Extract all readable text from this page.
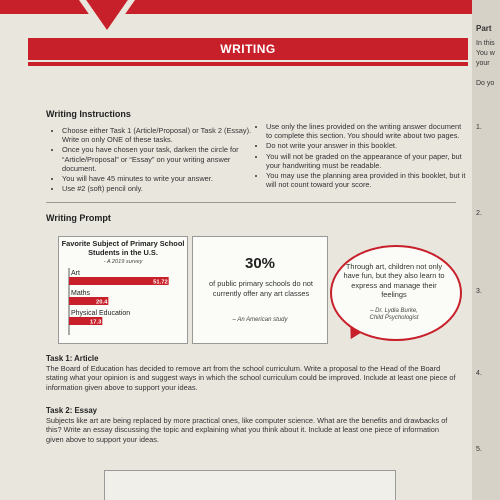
WRITING
Writing Instructions
• Choose either Task 1 (Article/Proposal) or Task 2 (Essay). Write on only ONE of these tasks.
• Once you have chosen your task, darken the circle for “Article/Proposal” or “Essay” on your writing answer document.
• You will have 45 minutes to write your answer.
• Use #2 (soft) pencil only.
• Use only the lines provided on the writing answer document to complete this section. You should write about two pages.
• Do not write your answer in this booklet.
• You will not be graded on the appearance of your paper, but your handwriting must be readable.
• You may use the planning area provided in this booklet, but it will not count toward your score.
Writing Prompt
Favorite Subject of Primary School Students in the U.S.
- A 2019 survey
Art
51.72
Maths
20.4
Physical Education
17.3
30%
of public primary schools do not currently offer any art classes
– An American study
Through art, children not only have fun, but they also learn to express and manage their feelings
– Dr. Lydia Burke,
Child Psychologist
Task 1: Article

The Board of Education has decided to remove art from the school curriculum. Write a proposal to the Head of the Board stating what your opinion is and suggest ways in which the school curriculum could be improved. Include at least one piece of information given above to support your ideas.

Task 2: Essay

Subjects like art are being replaced by more practical ones, like computer science. What are the benefits and drawbacks of this? Write an essay discussing the topic and explaining what you think about it. Include at least one piece of information given above to support your ideas.

Part
In this
You w
your
Do yo
1.
2.
3.
4.
5.
